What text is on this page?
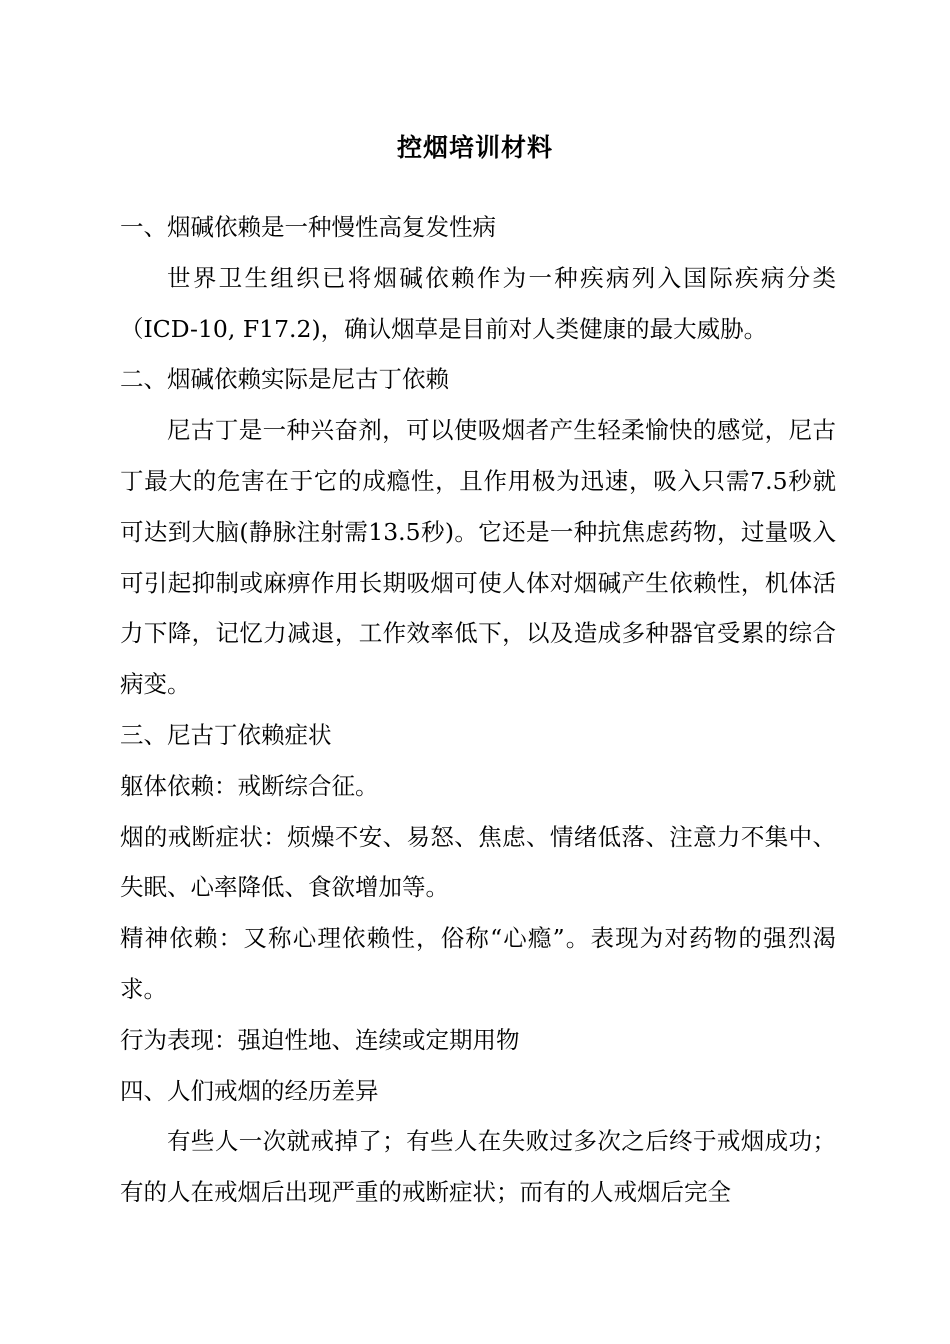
控烟培训材料

一、烟碱依赖是一种慢性高复发性病

世界卫生组织已将烟碱依赖作为一种疾病列入国际疾病分类（ICD-10, F17.2)，确认烟草是目前对人类健康的最大威胁。

二、烟碱依赖实际是尼古丁依赖

尼古丁是一种兴奋剂，可以使吸烟者产生轻柔愉快的感觉，尼古丁最大的危害在于它的成瘾性，且作用极为迅速，吸入只需7.5秒就可达到大脑(静脉注射需13.5秒)。它还是一种抗焦虑药物，过量吸入可引起抑制或麻痹作用长期吸烟可使人体对烟碱产生依赖性，机体活力下降，记忆力减退，工作效率低下，以及造成多种器官受累的综合病变。

三、尼古丁依赖症状

躯体依赖：戒断综合征。

烟的戒断症状：烦燥不安、易怒、焦虑、情绪低落、注意力不集中、失眠、心率降低、食欲增加等。

精神依赖：又称心理依赖性，俗称“心瘾”。表现为对药物的强烈渴求。

行为表现：强迫性地、连续或定期用物

四、人们戒烟的经历差异

有些人一次就戒掉了；有些人在失败过多次之后终于戒烟成功；有的人在戒烟后出现严重的戒断症状；而有的人戒烟后完全
